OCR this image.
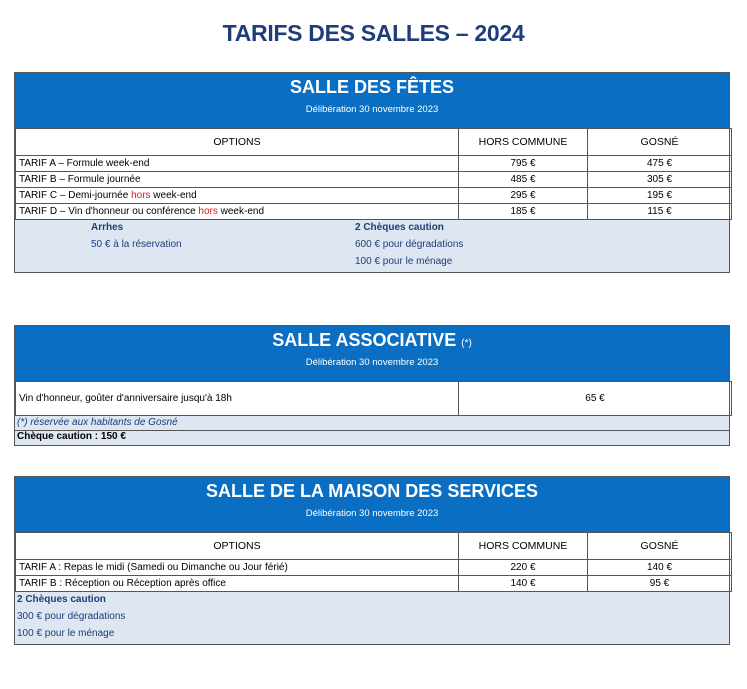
TARIFS DES SALLES – 2024
SALLE DES FÊTES
Délibération 30 novembre 2023
OPTIONS	HORS COMMUNE	GOSNÉ
TARIF A – Formule week-end	795 €	475 €
TARIF B – Formule journée	485 €	305 €
TARIF C – Demi-journée hors week-end	295 €	195 €
TARIF D – Vin d'honneur ou conférence hors week-end	185 €	115 €
Arrhes	2 Chèques caution
50 € à la réservation	600 € pour dégradations
100 € pour le ménage
SALLE ASSOCIATIVE (*)
Délibération 30 novembre 2023
Vin d'honneur, goûter d'anniversaire jusqu'à 18h	65 €
(*) réservée aux habitants de Gosné
Chèque caution : 150 €
SALLE DE LA MAISON DES SERVICES
Délibération 30 novembre 2023
OPTIONS	HORS COMMUNE	GOSNÉ
TARIF A : Repas le midi (Samedi ou Dimanche ou Jour férié)	220 €	140 €
TARIF B : Réception ou Réception après office	140 €	95 €
2 Chèques caution
300 € pour dégradations
100 € pour le ménage
